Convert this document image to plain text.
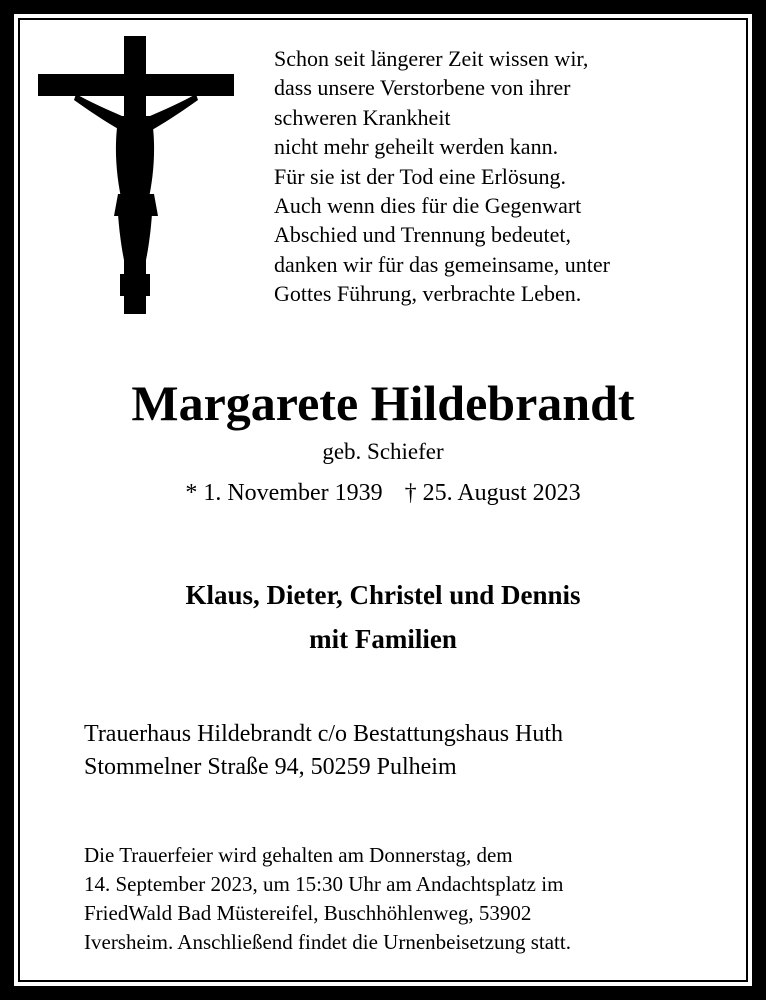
Schon seit längerer Zeit wissen wir,
dass unsere Verstorbene von ihrer
schweren Krankheit
nicht mehr geheilt werden kann.
Für sie ist der Tod eine Erlösung.
Auch wenn dies für die Gegenwart
Abschied und Trennung bedeutet,
danken wir für das gemeinsame, unter
Gottes Führung, verbrachte Leben.
Margarete Hildebrandt
geb. Schiefer
* 1. November 1939 † 25. August 2023
Klaus, Dieter, Christel und Dennis
mit Familien
Trauerhaus Hildebrandt c/o Bestattungshaus Huth
Stommelner Straße 94, 50259 Pulheim
Die Trauerfeier wird gehalten am Donnerstag, dem
14. September 2023, um 15:30 Uhr am Andachtsplatz im
FriedWald Bad Müstereifel, Buschhöhlenweg, 53902
Iversheim. Anschließend findet die Urnenbeisetzung statt.
